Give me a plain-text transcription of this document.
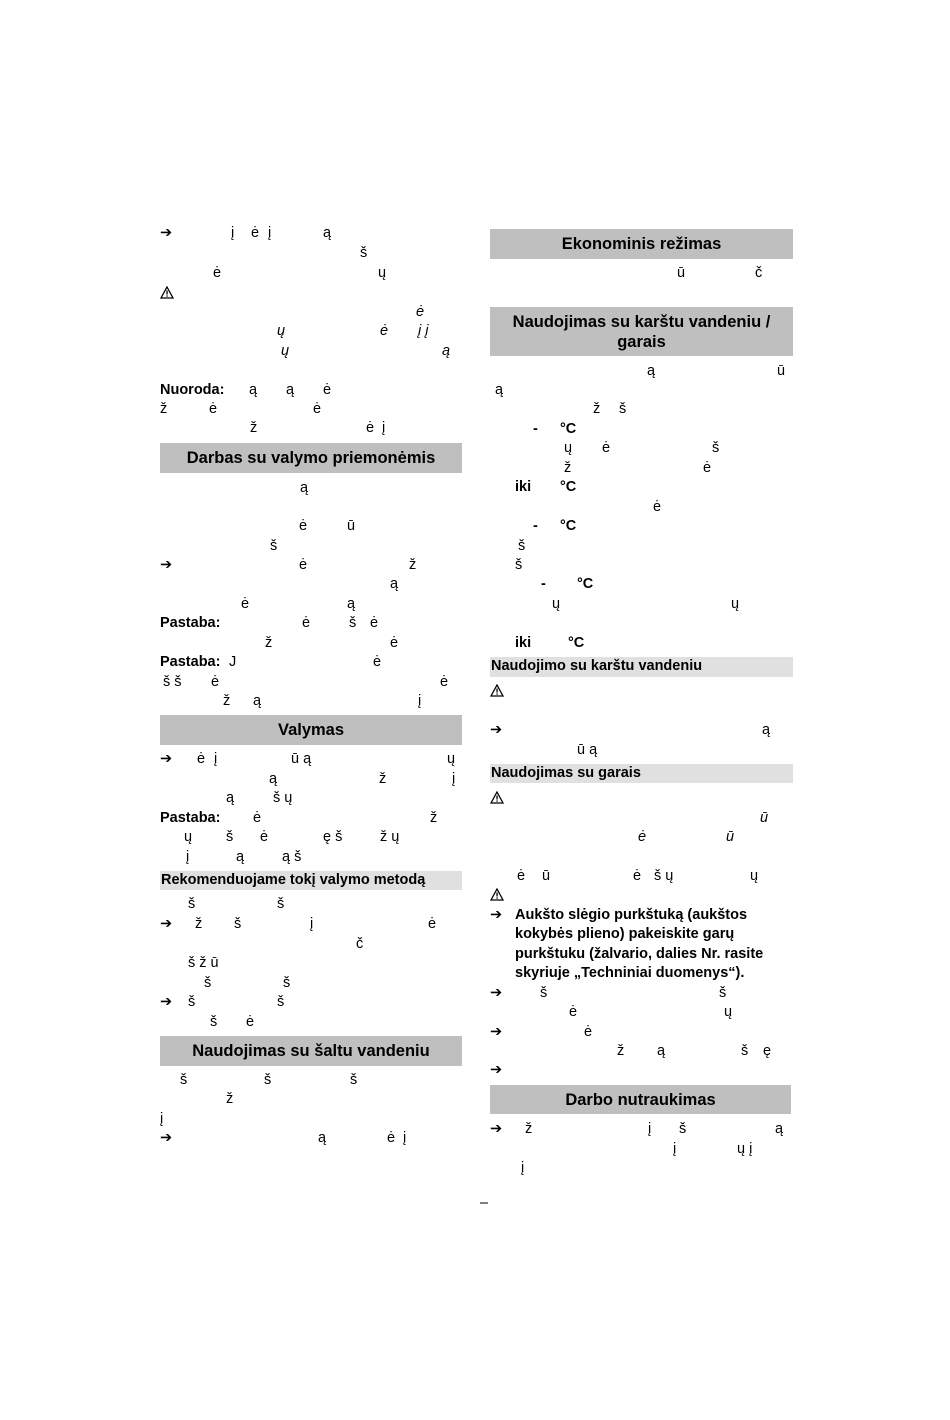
Darbas su valymo priemonėmis
Valymas
Rekomenduojame tokį valymo metodą
Naudojimas su šaltu vandeniu
Ekonominis režimas
Naudojimas su karštu vandeniu / garais
Naudojimo su karštu vandeniu
Naudojimas su garais
Darbo nutraukimas
–
➔	į ė į	ą
š
ė	ų
ė
ų	ė į į
ų	ą
Nuoroda: ą ą ė
ž	ė	ė
ž	ė į
ą
ė	ū
š
➔	ė	ž
ą
ė	ą
Pastaba:	ė	š ė
ž	ė
Pastaba: J	ė
š š ė	ė
ž ą	į
➔ ė į	ū ą	ų
ą	ž	į
ą	š ų
Pastaba: ė	ž
ų š ė	ę š	ž ų
į	ą	ą š
š	š
➔ ž š	į	ė
č
š ž ū
š	š
➔ š	š
š ė
š	š	š
ž
į
➔	ą	ė į
ū	č
ą	ū
ą
ž š
- °C
ų ė	š
ž	ė
iki °C
ė
- °C
š
š
- °C
ų	ų
iki	°C
➔	ą
ū ą
ū
ė	ū
ė ū	ė š ų	ų
➔ Aukšto slėgio purkštuką (aukštos
kokybės plieno) pakeiskite garų
purkštuku (žalvario, dalies Nr. rasite
skyriuje „Techniniai duomenys“).
➔	š	š
ė	ų
➔	ė
ž ą	š ę
➔
➔ ž	į š	ą
į	ų į
į
